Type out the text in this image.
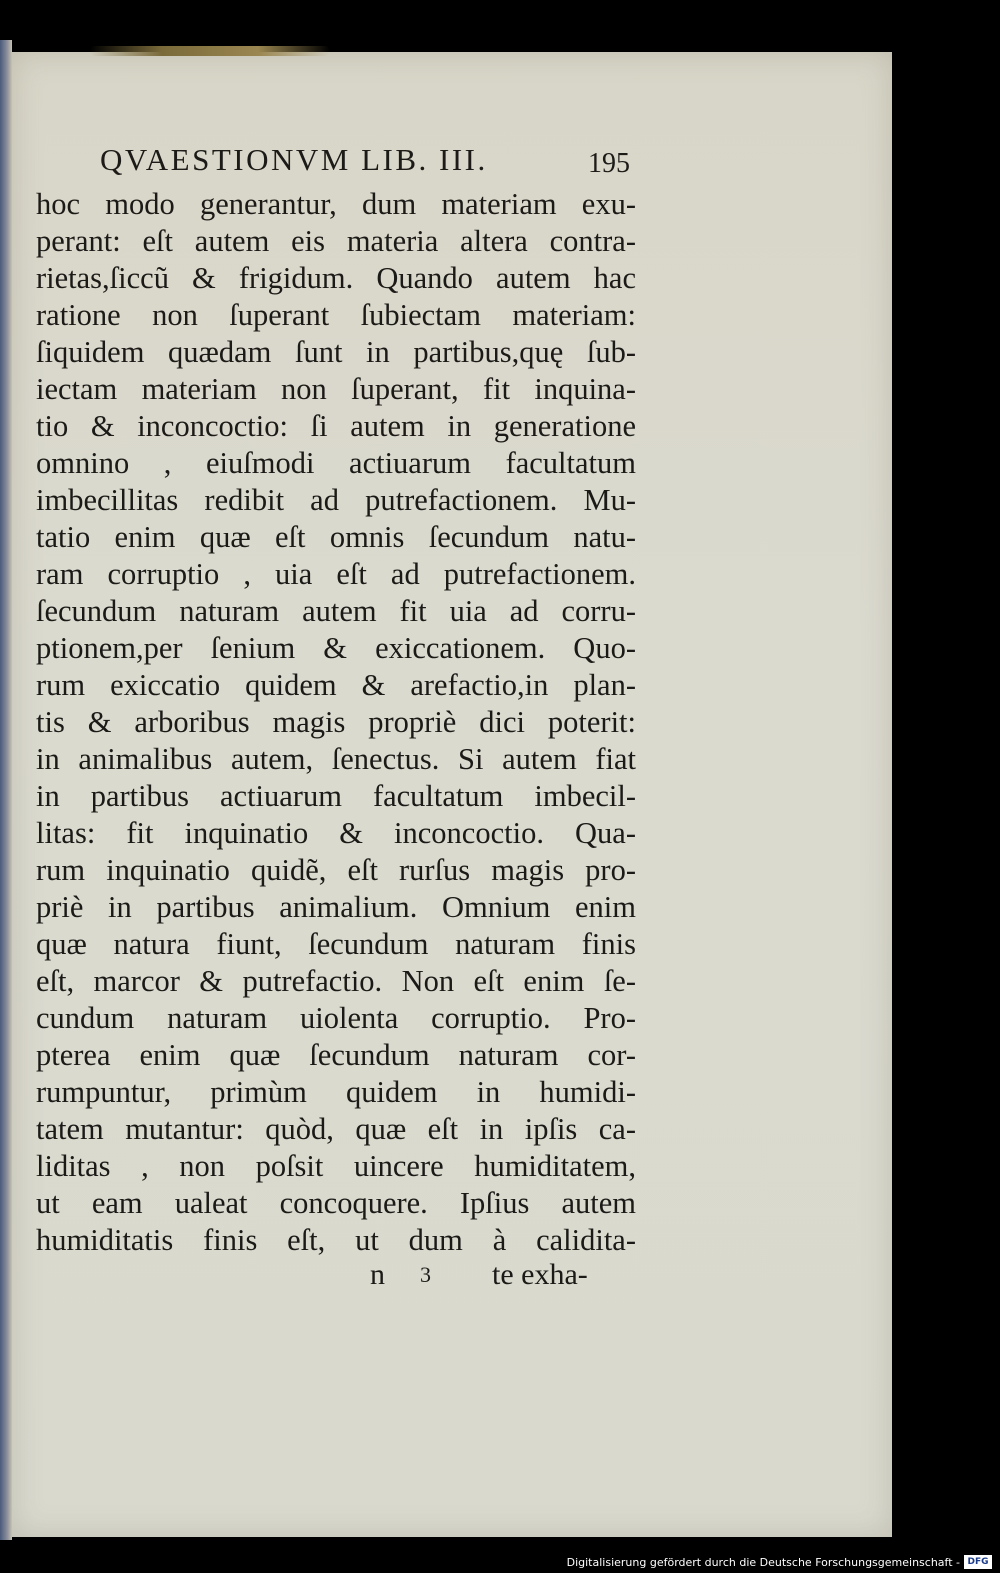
QVAESTIONVM LIB. III.	195
hoc modo generantur, dum materiam exu-
perant: eſt autem eis materia altera contra-
rietas,ſiccũ & frigidum. Quando autem hac
ratione non ſuperant ſubiectam materiam:
ſiquidem quædam ſunt in partibus,quę ſub-
iectam materiam non ſuperant, fit inquina-
tio & inconcoctio: ſi autem in generatione
omnino , eiuſmodi actiuarum facultatum
imbecillitas redibit ad putrefactionem. Mu-
tatio enim quæ eſt omnis ſecundum natu-
ram corruptio , uia eſt ad putrefactionem.
ſecundum naturam autem fit uia ad corru-
ptionem,per ſenium & exiccationem. Quo-
rum exiccatio quidem & arefactio,in plan-
tis & arboribus magis propriè dici poterit:
in animalibus autem, ſenectus. Si autem fiat
in partibus actiuarum facultatum imbecil-
litas: fit inquinatio & inconcoctio. Qua-
rum inquinatio quidẽ, eſt rurſus magis pro-
priè in partibus animalium. Omnium enim
quæ natura fiunt, ſecundum naturam finis
eſt, marcor & putrefactio. Non eſt enim ſe-
cundum naturam uiolenta corruptio. Pro-
pterea enim quæ ſecundum naturam cor-
rumpuntur, primùm quidem in humidi-
tatem mutantur: quòd, quæ eſt in ipſis ca-
liditas , non poſsit uincere humiditatem,
ut eam ualeat concoquere. Ipſius autem
humiditatis finis eſt, ut dum à calidita-
n 3 te exha-
Digitalisierung gefördert durch die Deutsche Forschungsgemeinschaft - DFG
